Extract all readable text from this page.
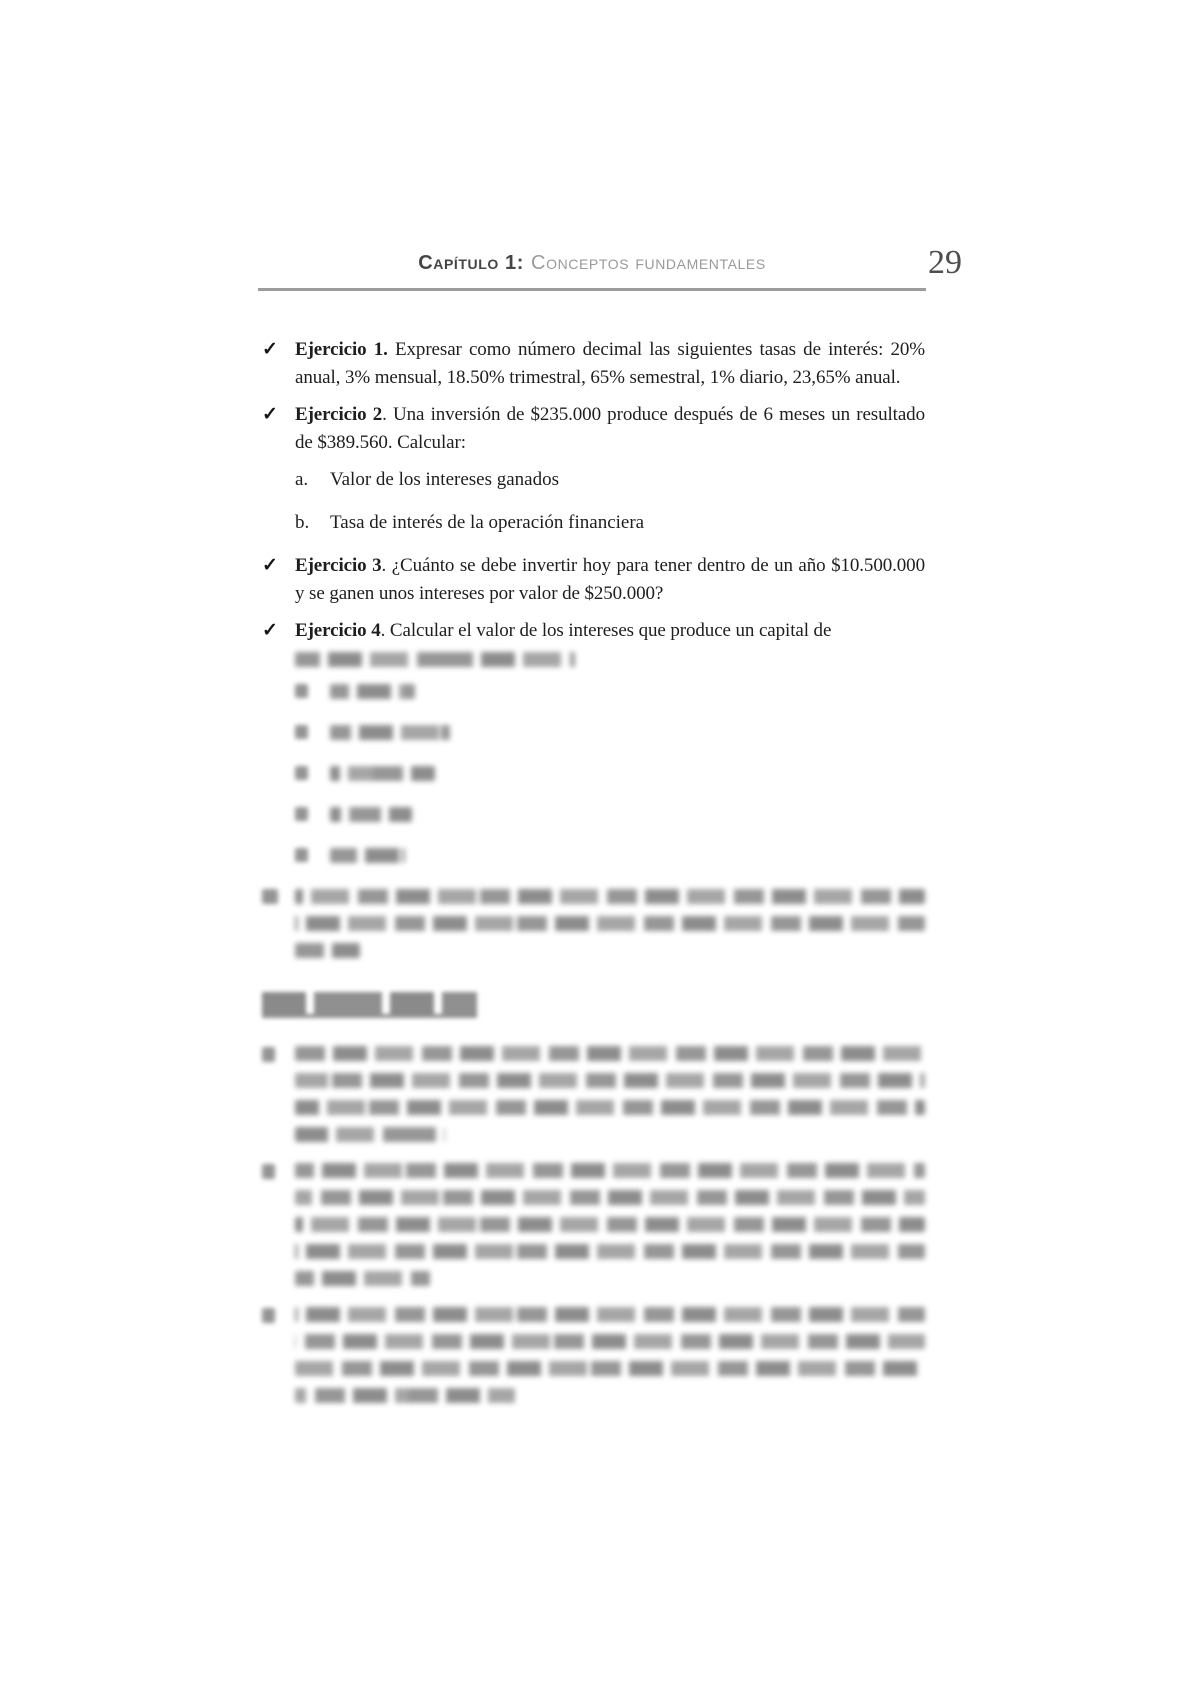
Capítulo 1: Conceptos fundamentales	29
✓ Ejercicio 1. Expresar como número decimal las siguientes tasas de interés: 20% anual, 3% mensual, 18.50% trimestral, 65% semestral, 1% diario, 23,65% anual.
✓ Ejercicio 2. Una inversión de $235.000 produce después de 6 meses un resultado de $389.560. Calcular:
a.	Valor de los intereses ganados
b.	Tasa de interés de la operación financiera
✓ Ejercicio 3. ¿Cuánto se debe invertir hoy para tener dentro de un año $10.500.000 y se ganen unos intereses por valor de $250.000?
✓ Ejercicio 4. Calcular el valor de los intereses que produce un capital de
